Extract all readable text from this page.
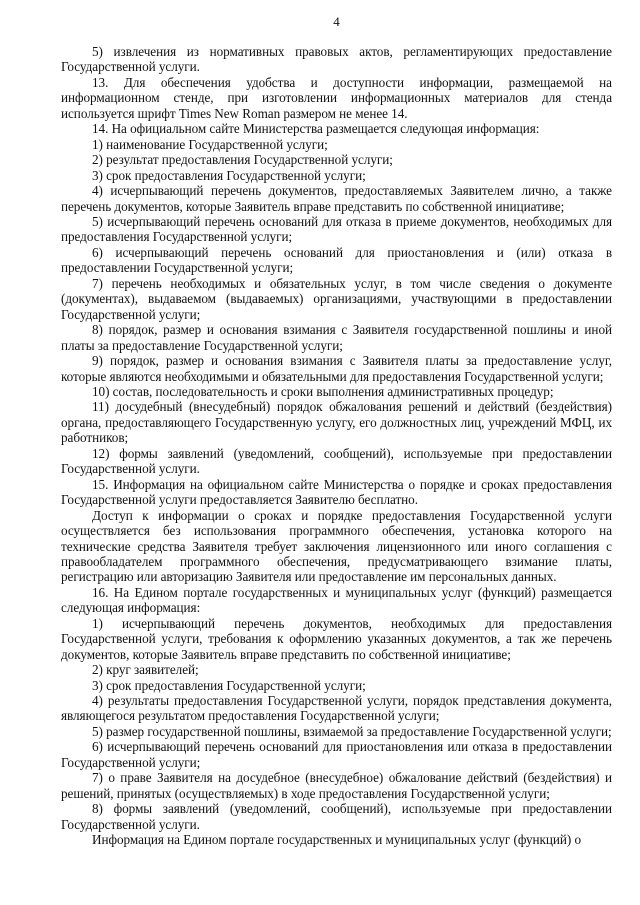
4

5) извлечения из нормативных правовых актов, регламентирующих предоставление Государственной услуги.

13. Для обеспечения удобства и доступности информации, размещаемой на информационном стенде, при изготовлении информационных материалов для стенда используется шрифт Times New Roman размером не менее 14.

14. На официальном сайте Министерства размещается следующая информация:

1) наименование Государственной услуги;

2) результат предоставления Государственной услуги;

3) срок предоставления Государственной услуги;

4) исчерпывающий перечень документов, предоставляемых Заявителем лично, а также перечень документов, которые Заявитель вправе представить по собственной инициативе;

5) исчерпывающий перечень оснований для отказа в приеме документов, необходимых для предоставления Государственной услуги;

6) исчерпывающий перечень оснований для приостановления и (или) отказа в предоставлении Государственной услуги;

7) перечень необходимых и обязательных услуг, в том числе сведения о документе (документах), выдаваемом (выдаваемых) организациями, участвующими в предоставлении Государственной услуги;

8) порядок, размер и основания взимания с Заявителя государственной пошлины и иной платы за предоставление Государственной услуги;

9) порядок, размер и основания взимания с Заявителя платы за предоставление услуг, которые являются необходимыми и обязательными для предоставления Государственной услуги;

10) состав, последовательность и сроки выполнения административных процедур;

11) досудебный (внесудебный) порядок обжалования решений и действий (бездействия) органа, предоставляющего Государственную услугу, его должностных лиц, учреждений МФЦ, их работников;

12) формы заявлений (уведомлений, сообщений), используемые при предоставлении Государственной услуги.

15. Информация на официальном сайте Министерства о порядке и сроках предоставления Государственной услуги предоставляется Заявителю бесплатно.

Доступ к информации о сроках и порядке предоставления Государственной услуги осуществляется без использования программного обеспечения, установка которого на технические средства Заявителя требует заключения лицензионного или иного соглашения с правообладателем программного обеспечения, предусматривающего взимание платы, регистрацию или авторизацию Заявителя или предоставление им персональных данных.

16. На Едином портале государственных и муниципальных услуг (функций) размещается следующая информация:

1) исчерпывающий перечень документов, необходимых для предоставления Государственной услуги, требования к оформлению указанных документов, а так же перечень документов, которые Заявитель вправе представить по собственной инициативе;

2) круг заявителей;

3) срок предоставления Государственной услуги;

4) результаты предоставления Государственной услуги, порядок представления документа, являющегося результатом предоставления Государственной услуги;

5) размер государственной пошлины, взимаемой за предоставление Государственной услуги;

6) исчерпывающий перечень оснований для приостановления или отказа в предоставлении Государственной услуги;

7) о праве Заявителя на досудебное (внесудебное) обжалование действий (бездействия) и решений, принятых (осуществляемых) в ходе предоставления Государственной услуги;

8) формы заявлений (уведомлений, сообщений), используемые при предоставлении Государственной услуги.

Информация на Едином портале государственных и муниципальных услуг (функций) о
